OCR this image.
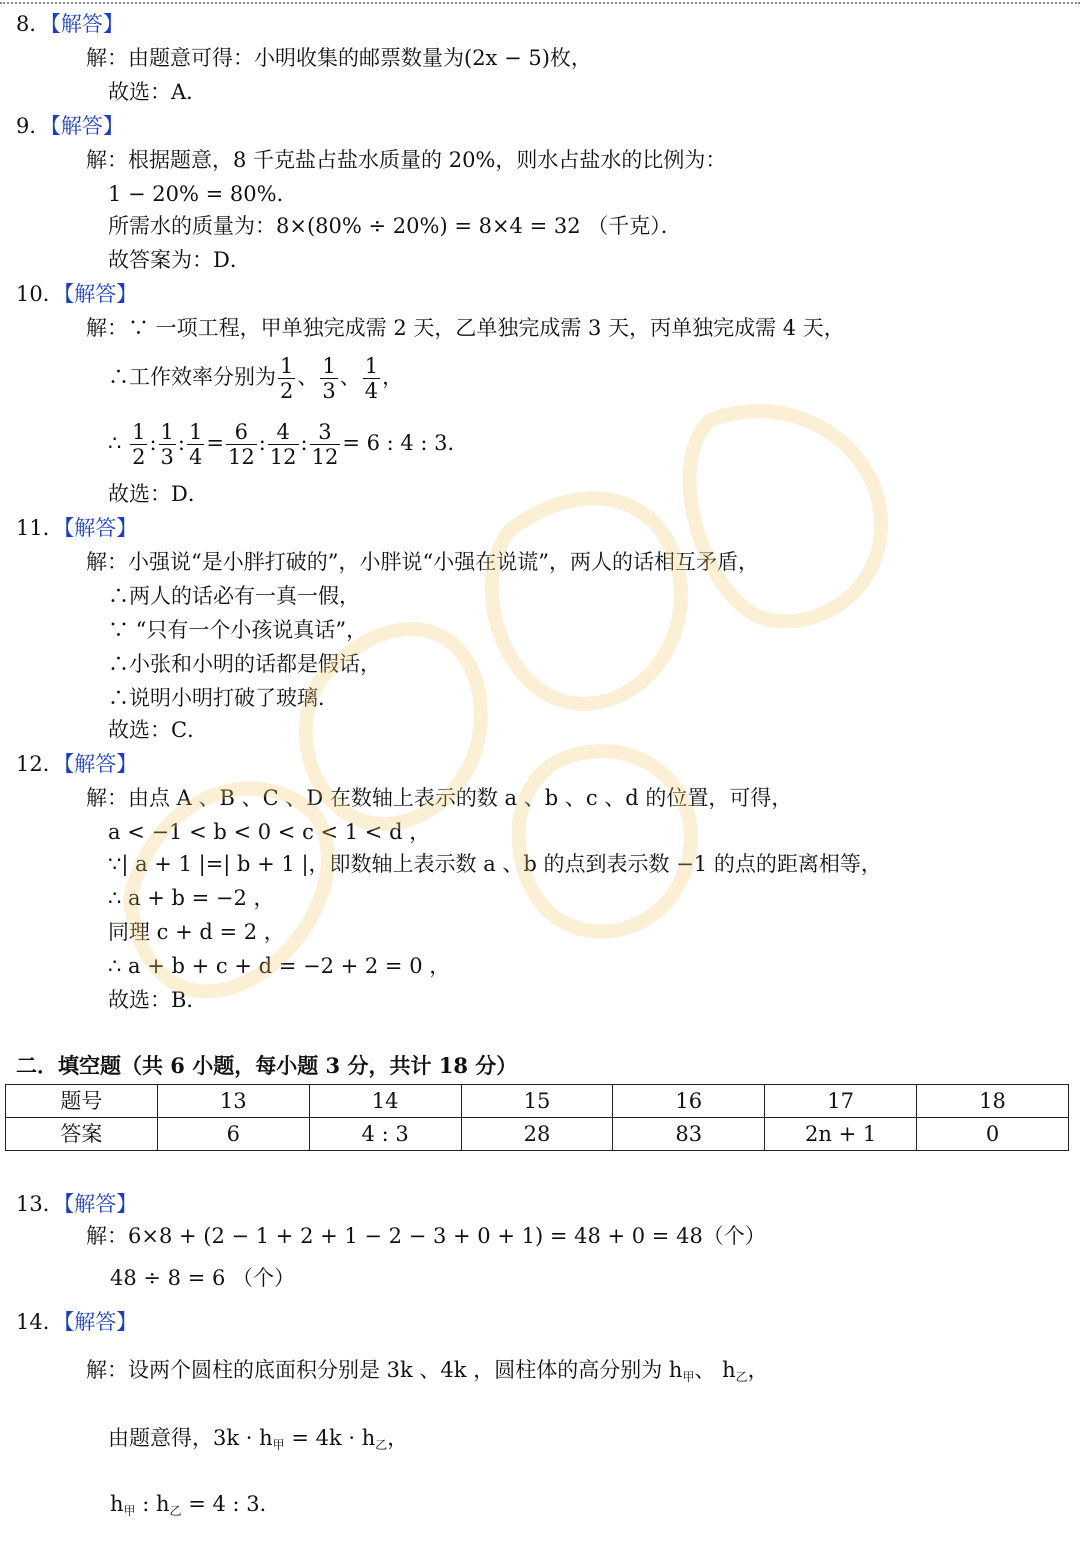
8．【解答】
解：由题意可得：小明收集的邮票数量为(2x − 5)枚，
故选：A．
9．【解答】
解：根据题意，8 千克盐占盐水质量的 20%，则水占盐水的比例为：
1 − 20% = 80%．
所需水的质量为：8×(80% ÷ 20%) = 8×4 = 32 （千克）．
故答案为：D．
10．【解答】
解：∵ 一项工程，甲单独完成需 2 天，乙单独完成需 3 天，丙单独完成需 4 天，
∴工作效率分别为 $\frac{1}{2}$ 、 $\frac{1}{3}$ 、 $\frac{1}{4}$ ，
∴ $\frac{1}{2}$ : $\frac{1}{3}$ : $\frac{1}{4} = \frac{6}{12}$ : $\frac{4}{12}$ : $\frac{3}{12} = 6$ : 4 : 3．
故选：D．
11．【解答】
解：小强说“是小胖打破的”，小胖说“小强在说谎”，两人的话相互矛盾，
∴两人的话必有一真一假，
∵ “只有一个小孩说真话”，
∴小张和小明的话都是假话，
∴说明小明打破了玻璃．
故选：C．
12．【解答】
解：由点 A 、B 、C 、D 在数轴上表示的数 a 、b 、c 、d 的位置，可得，
a < −1 < b < 0 < c < 1 < d ，
∵| a + 1 |=| b + 1 |，即数轴上表示数 a 、b 的点到表示数 −1 的点的距离相等，
∴ a + b = −2 ，
同理 c + d = 2 ，
∴ a + b + c + d = −2 + 2 = 0 ，
故选：B．
二．填空题（共 6 小题，每小题 3 分，共计 18 分）
题号	13	14	15	16	17	18
答案	6	4 : 3	28	83	2n + 1	0
13．【解答】
解：6×8 + (2 − 1 + 2 + 1 − 2 − 3 + 0 + 1) = 48 + 0 = 48（个）
48 ÷ 8 = 6 （个）
14．【解答】
解：设两个圆柱的底面积分别是 3k 、4k ，圆柱体的高分别为 $h_甲$、 $h_乙$，
由题意得，$3k \cdot h_甲 = 4k \cdot h_乙$，
$h_甲$ : $h_乙 = 4$ : 3．
